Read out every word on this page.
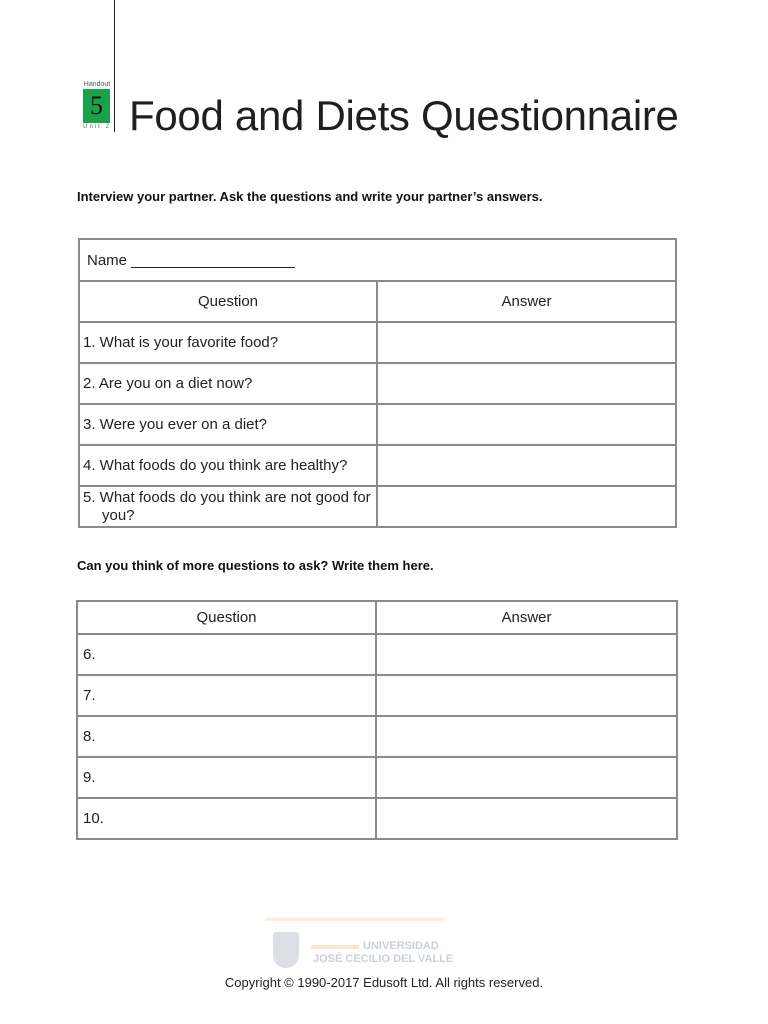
Handout
5
Unit 2 Food and Diets Questionnaire

Interview your partner. Ask the questions and write your partner’s answers.

Name	
Question	Answer
1. What is your favorite food?	
2. Are you on a diet now?	
3. Were you ever on a diet?	
4. What foods do you think are healthy?	

5. What foods do you think are not good for you?	

Can you think of more questions to ask? Write them here.

Question	Answer
6.	
7.	
8.	
9.	
10.	
UNIVERSIDAD
JOSÉ CECILIO DEL VALLE

Copyright © 1990-2017 Edusoft Ltd. All rights reserved.
